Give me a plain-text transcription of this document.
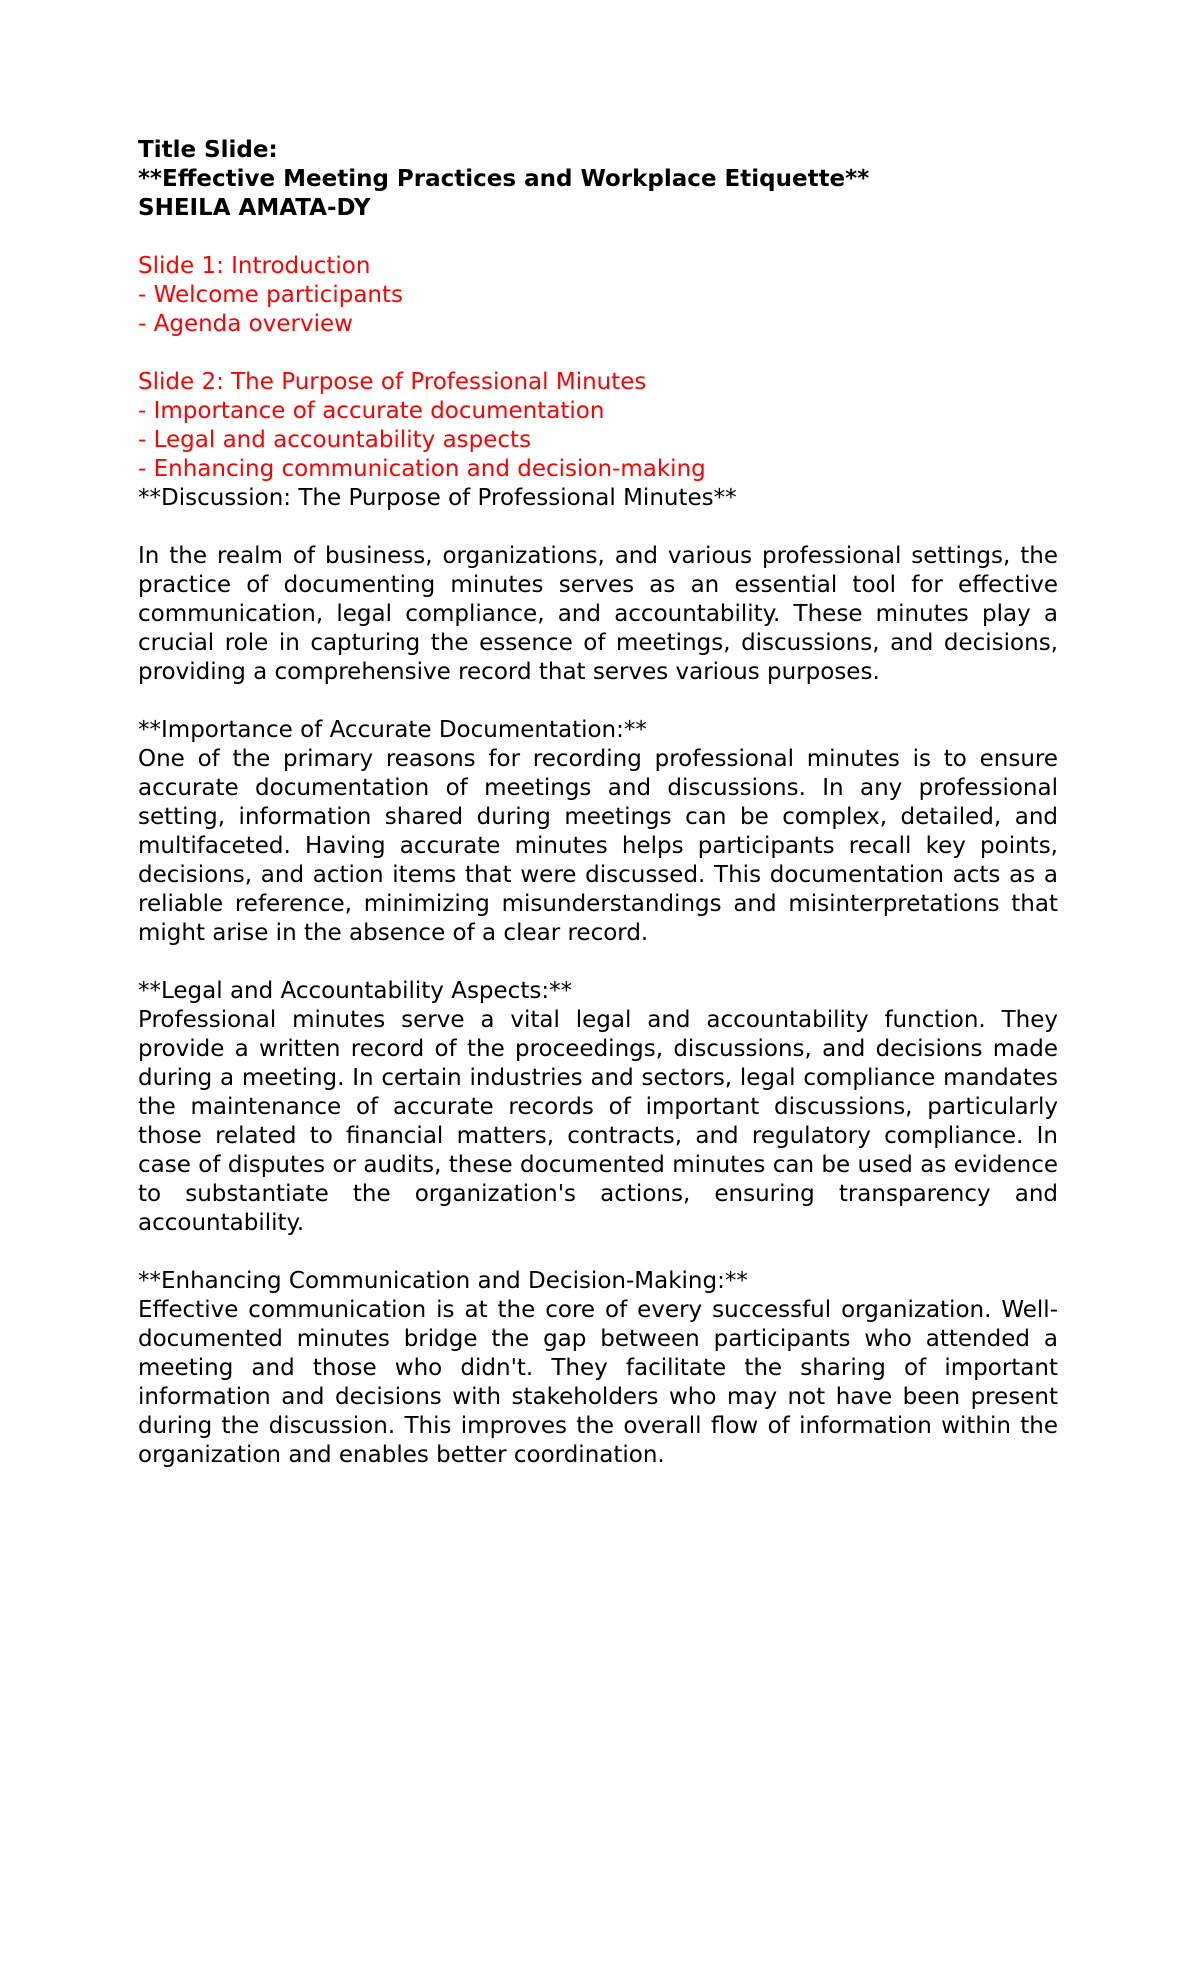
Title Slide:
**Effective Meeting Practices and Workplace Etiquette**
SHEILA AMATA-DY
Slide 1: Introduction
- Welcome participants
- Agenda overview
Slide 2: The Purpose of Professional Minutes
- Importance of accurate documentation
- Legal and accountability aspects
- Enhancing communication and decision-making
**Discussion: The Purpose of Professional Minutes**

In the realm of business, organizations, and various professional settings, the practice of documenting minutes serves as an essential tool for effective communication, legal compliance, and accountability. These minutes play a crucial role in capturing the essence of meetings, discussions, and decisions, providing a comprehensive record that serves various purposes.

**Importance of Accurate Documentation:**

One of the primary reasons for recording professional minutes is to ensure accurate documentation of meetings and discussions. In any professional setting, information shared during meetings can be complex, detailed, and multifaceted. Having accurate minutes helps participants recall key points, decisions, and action items that were discussed. This documentation acts as a reliable reference, minimizing misunderstandings and misinterpretations that might arise in the absence of a clear record.

**Legal and Accountability Aspects:**

Professional minutes serve a vital legal and accountability function. They provide a written record of the proceedings, discussions, and decisions made during a meeting. In certain industries and sectors, legal compliance mandates the maintenance of accurate records of important discussions, particularly those related to financial matters, contracts, and regulatory compliance. In case of disputes or audits, these documented minutes can be used as evidence to substantiate the organization's actions, ensuring transparency and accountability.

**Enhancing Communication and Decision-Making:**

Effective communication is at the core of every successful organization. Well-documented minutes bridge the gap between participants who attended a meeting and those who didn't. They facilitate the sharing of important information and decisions with stakeholders who may not have been present during the discussion. This improves the overall flow of information within the organization and enables better coordination.
